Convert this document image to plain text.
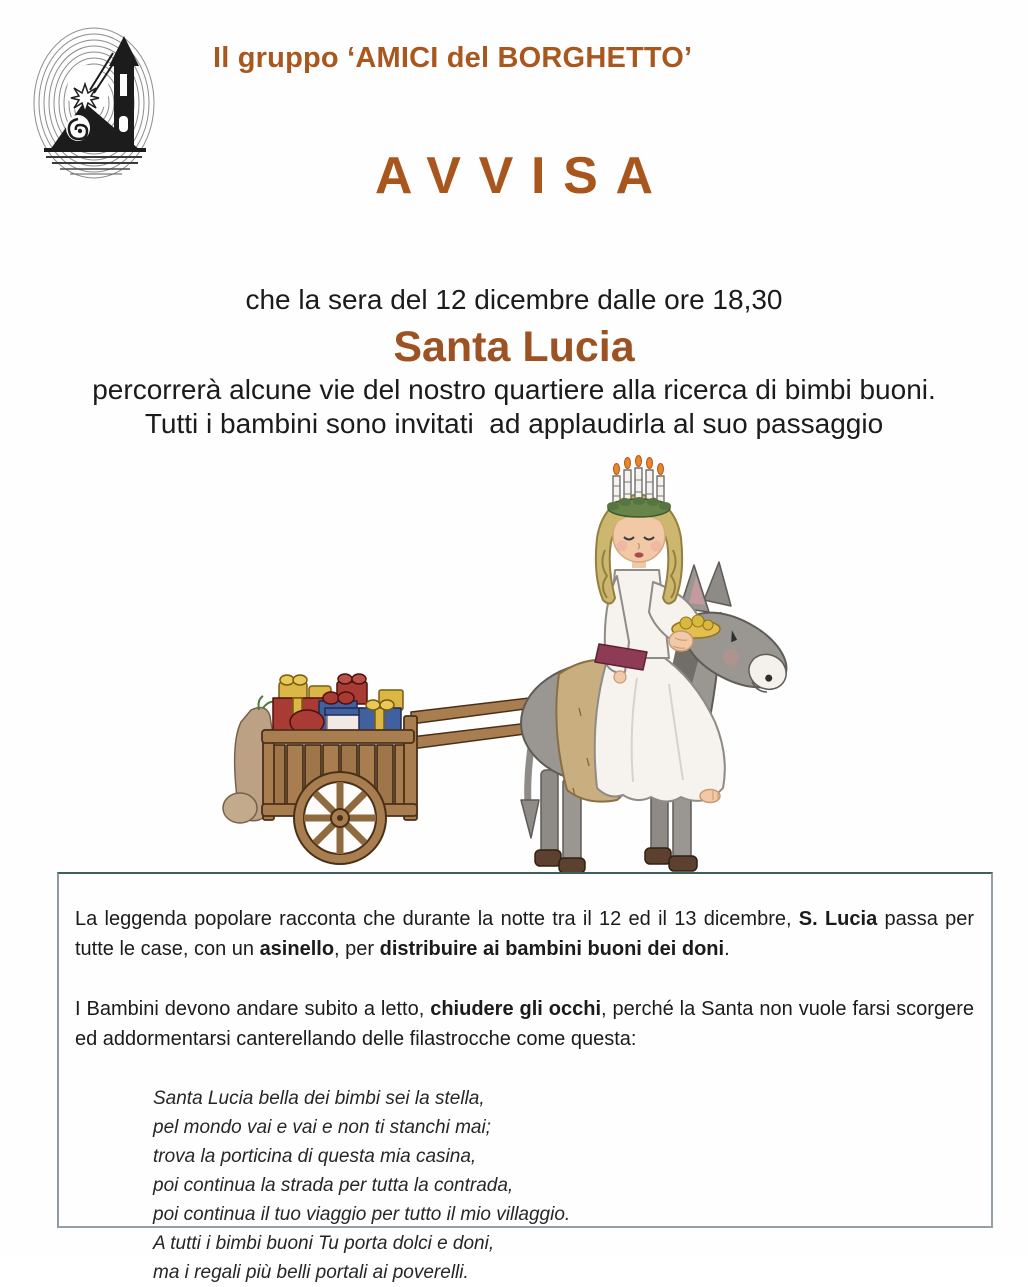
Il gruppo ‘AMICI del BORGHETTO’
AVVISA
che la sera del 12 dicembre dalle ore 18,30
Santa Lucia
percorrerà alcune vie del nostro quartiere alla ricerca di bimbi buoni.
Tutti i bambini sono invitati  ad applaudirla al suo passaggio

La leggenda popolare racconta che durante la notte tra il 12 ed il 13 dicembre, S. Lucia passa per tutte le case, con un asinello, per distribuire ai bambini buoni dei doni.

I Bambini devono andare subito a letto, chiudere gli occhi, perché la Santa non vuole farsi scorgere ed addormentarsi canterellando delle filastrocche come questa:

Santa Lucia bella dei bimbi sei la stella,
pel mondo vai e vai e non ti stanchi mai;
trova la porticina di questa mia casina,
poi continua la strada per tutta la contrada,
poi continua il tuo viaggio per tutto il mio villaggio.
A tutti i bimbi buoni Tu porta dolci e doni,
ma i regali più belli portali ai poverelli.
